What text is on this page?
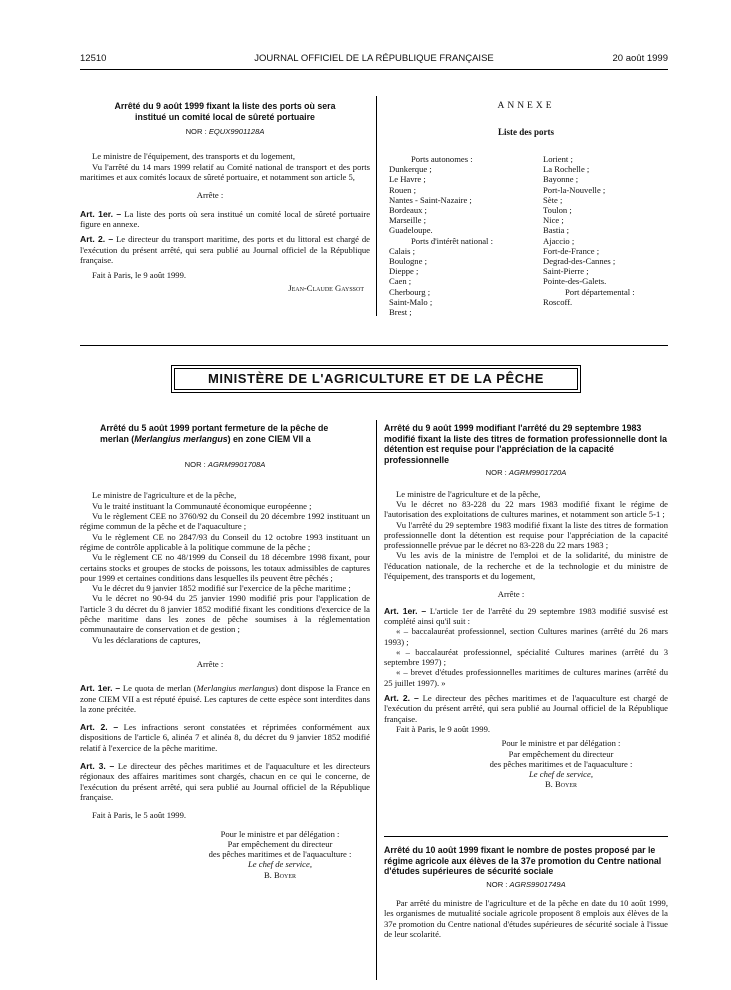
12510	JOURNAL OFFICIEL DE LA RÉPUBLIQUE FRANÇAISE	20 août 1999
Arrêté du 9 août 1999 fixant la liste des ports où sera institué un comité local de sûreté portuaire
NOR : EQUX9901128A

Le ministre de l'équipement, des transports et du logement,

Vu l'arrêté du 14 mars 1999 relatif au Comité national de transport et des ports maritimes et aux comités locaux de sûreté portuaire, et notamment son article 5,

Arrête :

Art. 1er. – La liste des ports où sera institué un comité local de sûreté portuaire figure en annexe.

Art. 2. – Le directeur du transport maritime, des ports et du littoral est chargé de l'exécution du présent arrêté, qui sera publié au Journal officiel de la République française.

Fait à Paris, le 9 août 1999.

Jean-Claude Gayssot

ANNEXE
Liste des ports
Ports autonomes :
Dunkerque ;
Le Havre ;
Rouen ;
Nantes - Saint-Nazaire ;
Bordeaux ;
Marseille ;
Guadeloupe.
Ports d'intérêt national :
Calais ;
Boulogne ;
Dieppe ;
Caen ;
Cherbourg ;
Saint-Malo ;
Brest ;
Lorient ;
La Rochelle ;
Bayonne ;
Port-la-Nouvelle ;
Sète ;
Toulon ;
Nice ;
Bastia ;
Ajaccio ;
Fort-de-France ;
Degrad-des-Cannes ;
Saint-Pierre ;
Pointe-des-Galets.
Port départemental :
Roscoff.
MINISTÈRE DE L'AGRICULTURE ET DE LA PÊCHE
Arrêté du 5 août 1999 portant fermeture de la pêche de merlan (Merlangius merlangus) en zone CIEM VII a
NOR : AGRM9901708A

Le ministre de l'agriculture et de la pêche,

Vu le traité instituant la Communauté économique européenne ;

Vu le règlement CEE no 3760/92 du Conseil du 20 décembre 1992 instituant un régime commun de la pêche et de l'aquaculture ;

Vu le règlement CE no 2847/93 du Conseil du 12 octobre 1993 instituant un régime de contrôle applicable à la politique commune de la pêche ;

Vu le règlement CE no 48/1999 du Conseil du 18 décembre 1998 fixant, pour certains stocks et groupes de stocks de poissons, les totaux admissibles de captures pour 1999 et certaines conditions dans lesquelles ils peuvent être pêchés ;

Vu le décret du 9 janvier 1852 modifié sur l'exercice de la pêche maritime ;

Vu le décret no 90-94 du 25 janvier 1990 modifié pris pour l'application de l'article 3 du décret du 8 janvier 1852 modifié fixant les conditions d'exercice de la pêche maritime dans les zones de pêche soumises à la réglementation communautaire de conservation et de gestion ;

Vu les déclarations de captures,

Arrête :

Art. 1er. – Le quota de merlan (Merlangius merlangus) dont dispose la France en zone CIEM VII a est réputé épuisé. Les captures de cette espèce sont interdites dans la zone précitée.

Art. 2. – Les infractions seront constatées et réprimées conformément aux dispositions de l'article 6, alinéa 7 et alinéa 8, du décret du 9 janvier 1852 modifié relatif à l'exercice de la pêche maritime.

Art. 3. – Le directeur des pêches maritimes et de l'aquaculture et les directeurs régionaux des affaires maritimes sont chargés, chacun en ce qui le concerne, de l'exécution du présent arrêté, qui sera publié au Journal officiel de la République française.

Fait à Paris, le 5 août 1999.

Pour le ministre et par délégation :
Par empêchement du directeur
des pêches maritimes et de l'aquaculture :
Le chef de service,
B. Boyer
Arrêté du 9 août 1999 modifiant l'arrêté du 29 septembre 1983 modifié fixant la liste des titres de formation professionnelle dont la détention est requise pour l'appréciation de la capacité professionnelle
NOR : AGRM9901720A

Le ministre de l'agriculture et de la pêche,

Vu le décret no 83-228 du 22 mars 1983 modifié fixant le régime de l'autorisation des exploitations de cultures marines, et notamment son article 5-1 ;

Vu l'arrêté du 29 septembre 1983 modifié fixant la liste des titres de formation professionnelle dont la détention est requise pour l'appréciation de la capacité professionnelle prévue par le décret no 83-228 du 22 mars 1983 ;

Vu les avis de la ministre de l'emploi et de la solidarité, du ministre de l'éducation nationale, de la recherche et de la technologie et du ministre de l'équipement, des transports et du logement,

Arrête :

Art. 1er. – L'article 1er de l'arrêté du 29 septembre 1983 modifié susvisé est complété ainsi qu'il suit :

« – baccalauréat professionnel, section Cultures marines (arrêté du 26 mars 1993) ;

« – baccalauréat professionnel, spécialité Cultures marines (arrêté du 3 septembre 1997) ;

« – brevet d'études professionnelles maritimes de cultures marines (arrêté du 25 juillet 1997). »

Art. 2. – Le directeur des pêches maritimes et de l'aquaculture est chargé de l'exécution du présent arrêté, qui sera publié au Journal officiel de la République française.

Fait à Paris, le 9 août 1999.

Pour le ministre et par délégation :
Par empêchement du directeur
des pêches maritimes et de l'aquaculture :
Le chef de service,
B. Boyer
Arrêté du 10 août 1999 fixant le nombre de postes proposé par le régime agricole aux élèves de la 37e promotion du Centre national d'études supérieures de sécurité sociale
NOR : AGRS9901749A

Par arrêté du ministre de l'agriculture et de la pêche en date du 10 août 1999, les organismes de mutualité sociale agricole proposent 8 emplois aux élèves de la 37e promotion du Centre national d'études supérieures de sécurité sociale à l'issue de leur scolarité.
